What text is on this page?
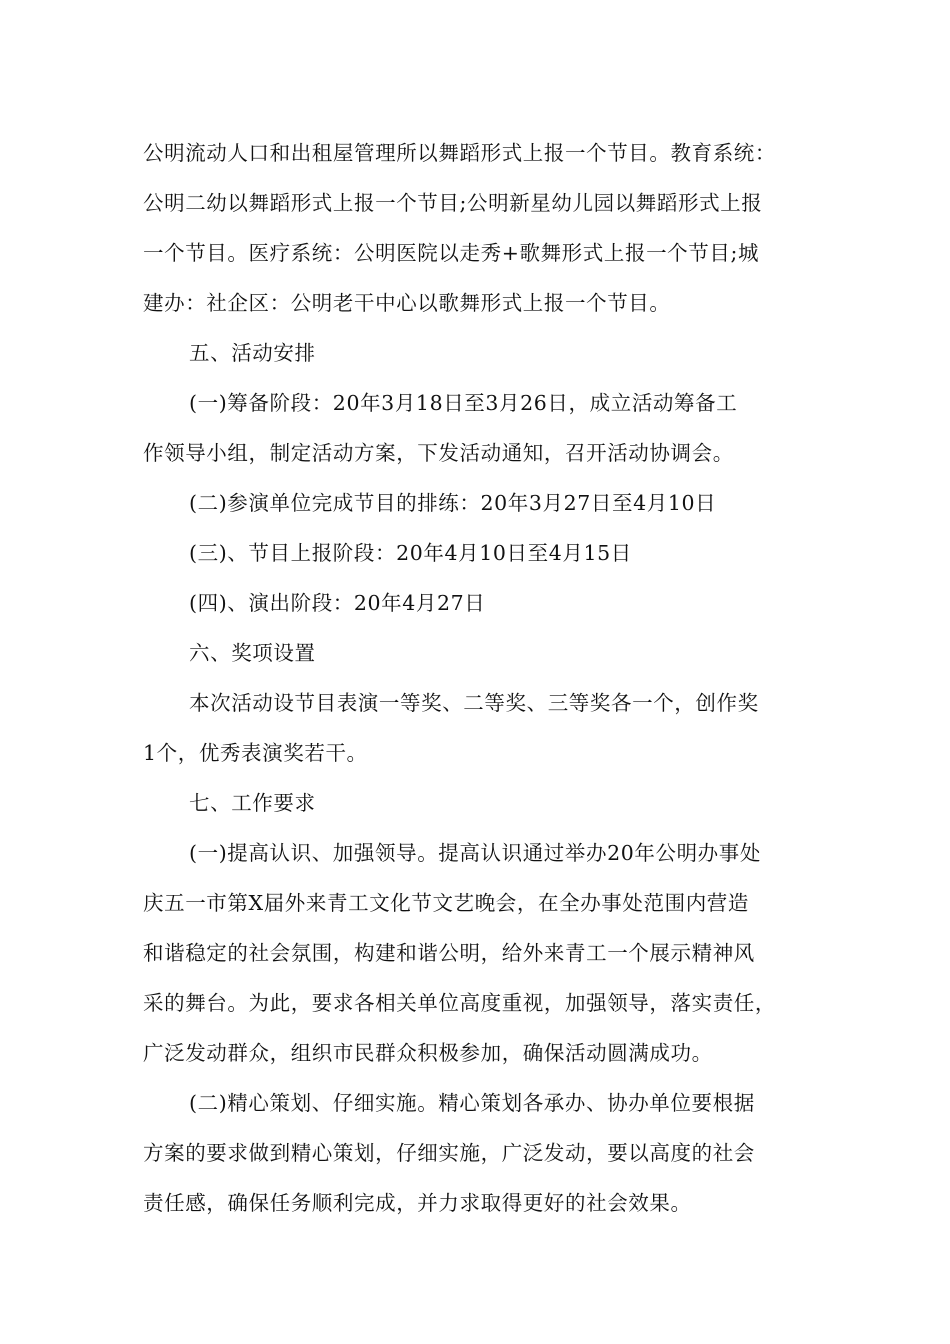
公明流动人口和出租屋管理所以舞蹈形式上报一个节目。教育系统：
公明二幼以舞蹈形式上报一个节目;公明新星幼儿园以舞蹈形式上报
一个节目。医疗系统：公明医院以走秀+歌舞形式上报一个节目;城
建办：社企区：公明老干中心以歌舞形式上报一个节目。
五、活动安排
(一)筹备阶段：20年3月18日至3月26日，成立活动筹备工
作领导小组，制定活动方案，下发活动通知，召开活动协调会。
(二)参演单位完成节目的排练：20年3月27日至4月10日
(三)、节目上报阶段：20年4月10日至4月15日
(四)、演出阶段：20年4月27日
六、奖项设置
本次活动设节目表演一等奖、二等奖、三等奖各一个，创作奖
1个，优秀表演奖若干。
七、工作要求
(一)提高认识、加强领导。提高认识通过举办20年公明办事处
庆五一市第X届外来青工文化节文艺晚会，在全办事处范围内营造
和谐稳定的社会氛围，构建和谐公明，给外来青工一个展示精神风
采的舞台。为此，要求各相关单位高度重视，加强领导，落实责任，
广泛发动群众，组织市民群众积极参加，确保活动圆满成功。
(二)精心策划、仔细实施。精心策划各承办、协办单位要根据
方案的要求做到精心策划，仔细实施，广泛发动，要以高度的社会
责任感，确保任务顺利完成，并力求取得更好的社会效果。
